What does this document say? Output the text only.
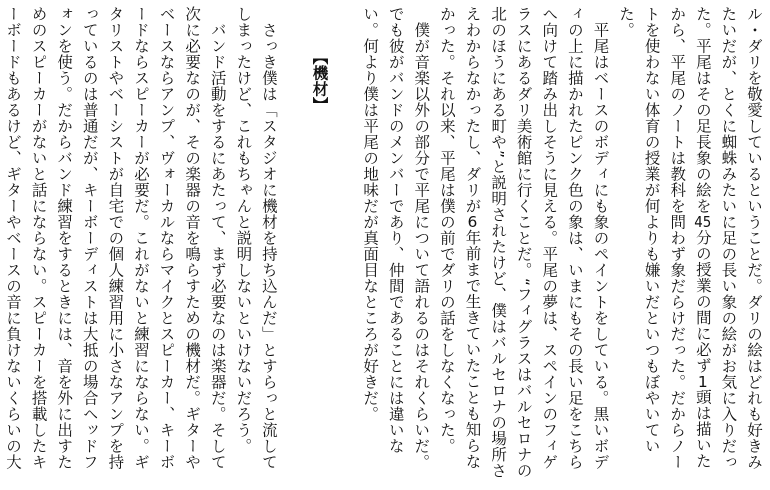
ル・ダリを敬愛しているということだ。ダリの絵はどれも好きみたいだが、とくに蜘蛛みたいに足の長い象の絵がお気に入りだった。平尾はその足長象の絵を45分の授業の間に必ず1頭は描いたから、平尾のノートは教科を問わず象だらけだった。だからノートを使わない体育の授業が何よりも嫌いだといつもぼやいていた。

平尾はベースのボディにも象のペイントをしている。黒いボディの上に描かれたピンク色の象は、いまにもその長い足をこちらへ向けて踏み出しそうに見える。平尾の夢は、スペインのフィゲラスにあるダリ美術館に行くことだ。“フィグラスはバルセロナの北のほうにある町や”と説明されたけど、僕はバルセロナの場所さえわからなかったし、ダリが6年前まで生きていたことも知らなかった。それ以来、平尾は僕の前でダリの話をしなくなった。

僕が音楽以外の部分で平尾について語れるのはそれくらいだ。でも彼がバンドのメンバーであり、仲間であることには違いない。何より僕は平尾の地味だが真面目なところが好きだ。

【機材】

さっき僕は「スタジオに機材を持ち込んだ」とすらっと流してしまったけど、これもちゃんと説明しないといけないだろう。

バンド活動をするにあたって、まず必要なのは楽器だ。そして次に必要なのが、その楽器の音を鳴らすための機材だ。ギターやベースならアンプ、ヴォーカルならマイクとスピーカー、キーボードならスピーカーが必要だ。これがないと練習にならない。ギタリストやベーシストが自宅での個人練習用に小さなアンプを持っているのは普通だが、キーボーディストは大抵の場合ヘッドフォンを使う。だからバンド練習をするときには、音を外に出すためのスピーカーがないと話にならない。スピーカーを搭載したキーボードもあるけど、ギターやベースの音に負けないくらいの大
